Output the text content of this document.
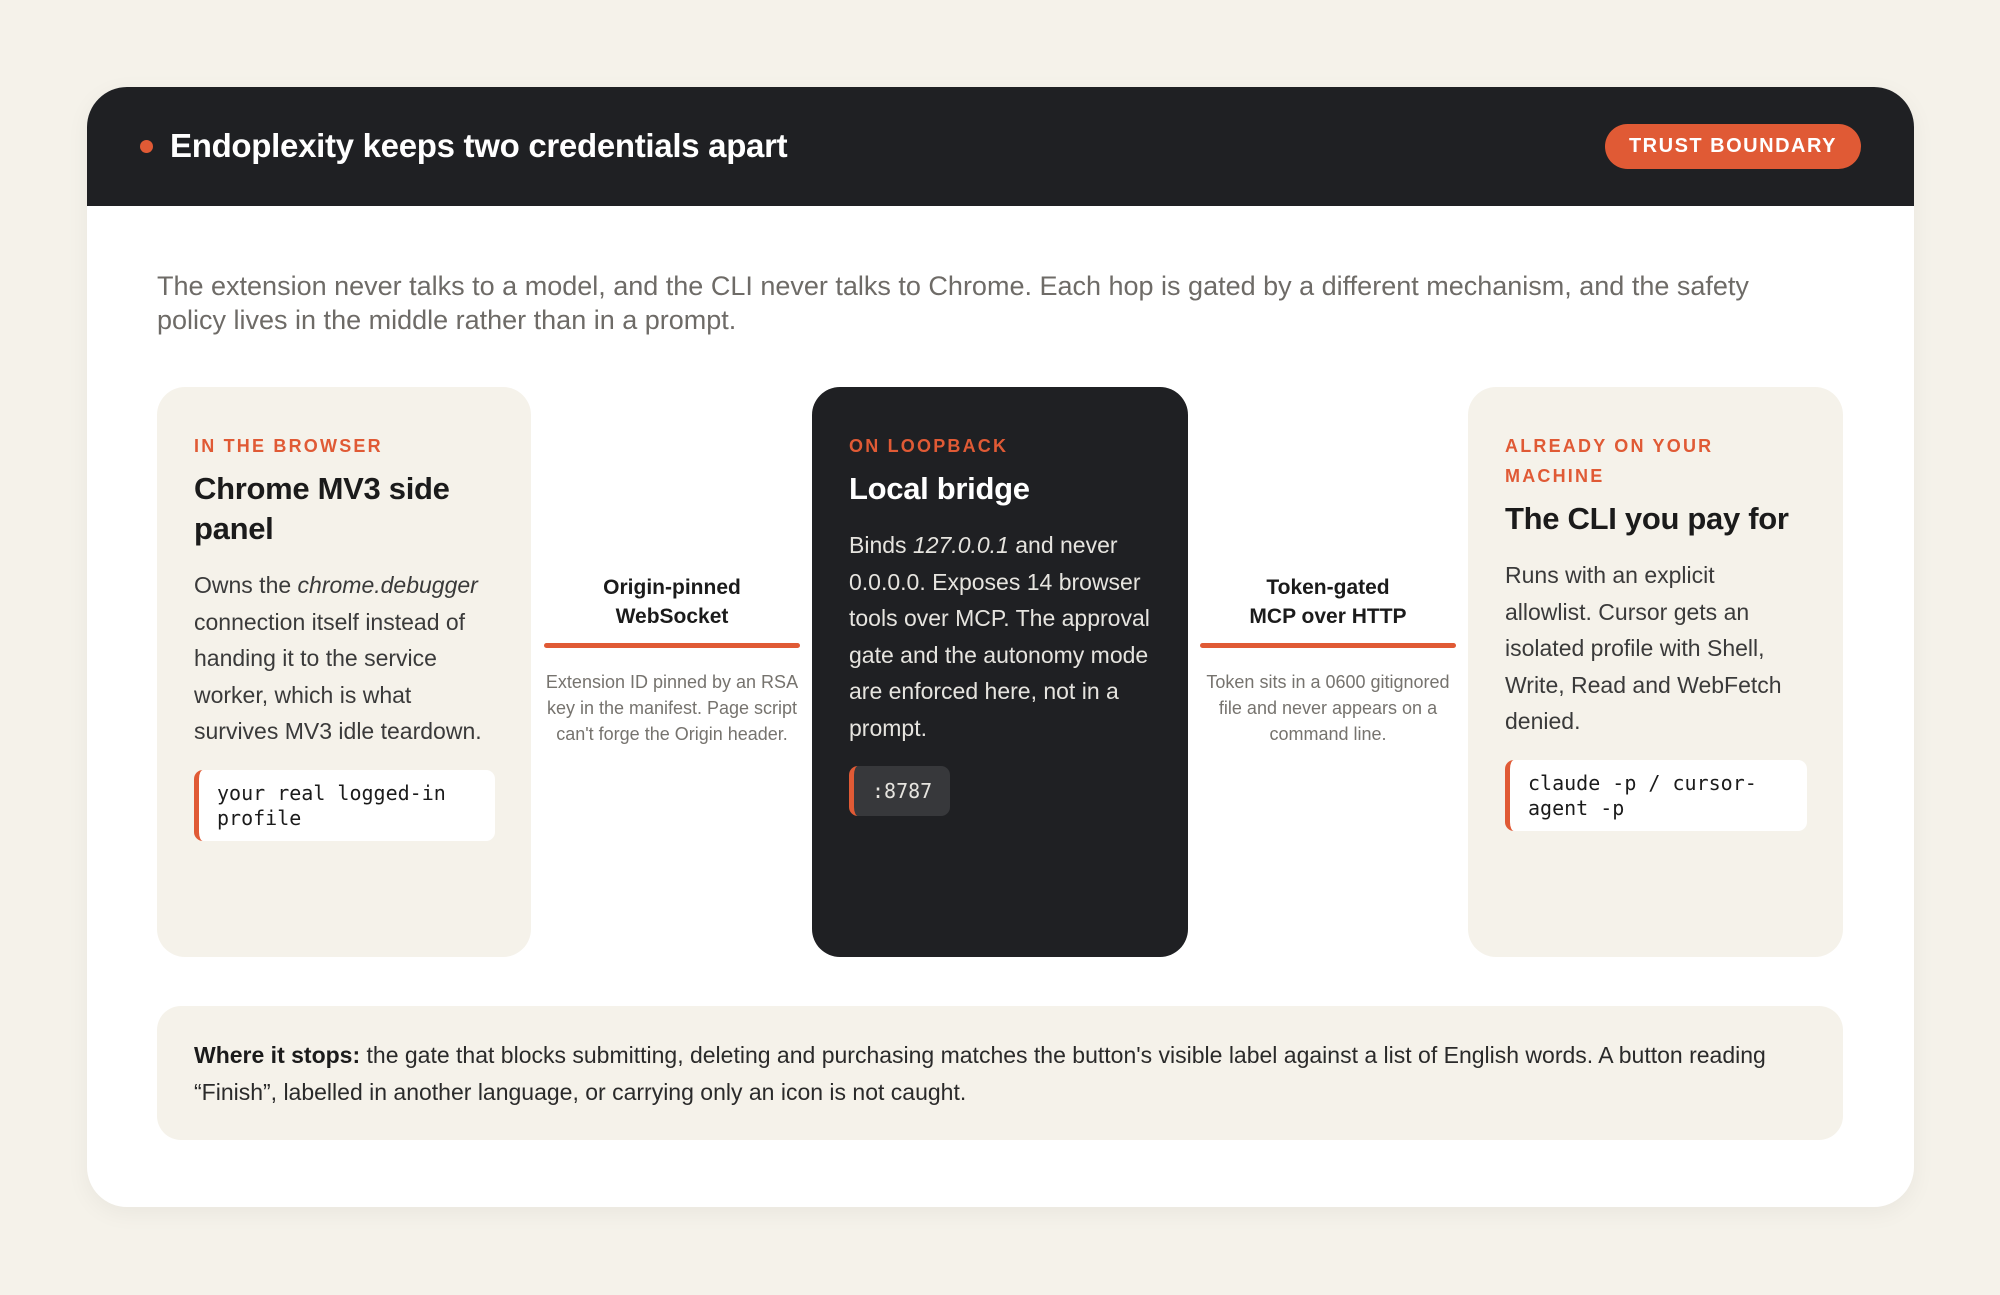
Endoplexity keeps two credentials apart	TRUST BOUNDARY

The extension never talks to a model, and the CLI never talks to Chrome. Each hop is gated by a different mechanism, and the safety policy lives in the middle rather than in a prompt.

IN THE BROWSER
Chrome MV3 side panel

Owns the chrome.debugger connection itself instead of handing it to the service worker, which is what survives MV3 idle teardown.

your real logged-in profile
Origin-pinned
WebSocket
Extension ID pinned by an RSA key in the manifest. Page script can't forge the Origin header.
ON LOOPBACK
Local bridge

Binds 127.0.0.1 and never 0.0.0.0. Exposes 14 browser tools over MCP. The approval gate and the autonomy mode are enforced here, not in a prompt.

:8787
Token-gated
MCP over HTTP
Token sits in a 0600 gitignored file and never appears on a command line.
ALREADY ON YOUR MACHINE
The CLI you pay for

Runs with an explicit allowlist. Cursor gets an isolated profile with Shell, Write, Read and WebFetch denied.

claude -p / cursor-agent -p
Where it stops: the gate that blocks submitting, deleting and purchasing matches the button's visible label against a list of English words. A button reading “Finish”, labelled in another language, or carrying only an icon is not caught.
